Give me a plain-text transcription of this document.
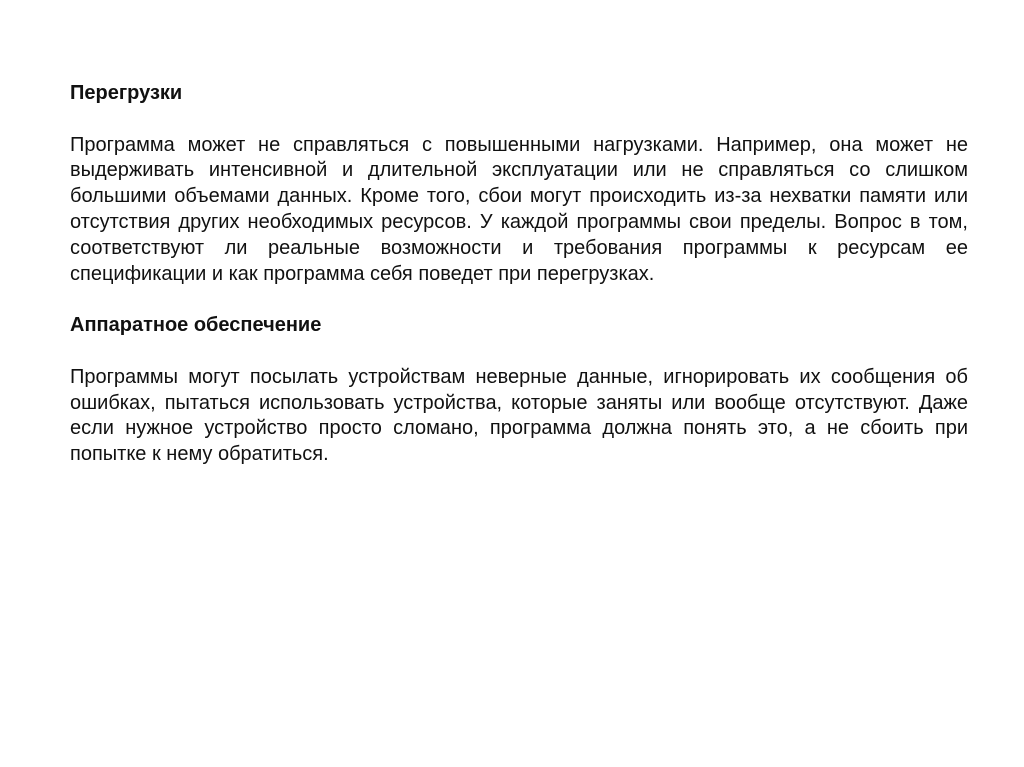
Перегрузки

Программа может не справляться с повышенными нагрузками. Например, она может не выдерживать интенсивной и длительной эксплуатации или не справляться со слишком большими объемами данных. Кроме того, сбои могут происходить из-за нехватки памяти или отсутствия других необходимых ресурсов. У каждой программы свои пределы. Вопрос в том, соответствуют ли реальные возможности и требования программы к ресурсам ее спецификации и как программа себя поведет при перегрузках.

Аппаратное обеспечение

Программы могут посылать устройствам неверные данные, игнорировать их сообщения об ошибках, пытаться использовать устройства, которые заняты или вообще отсутствуют. Даже если нужное устройство просто сломано, программа должна понять это, а не сбоить при попытке к нему обратиться.
